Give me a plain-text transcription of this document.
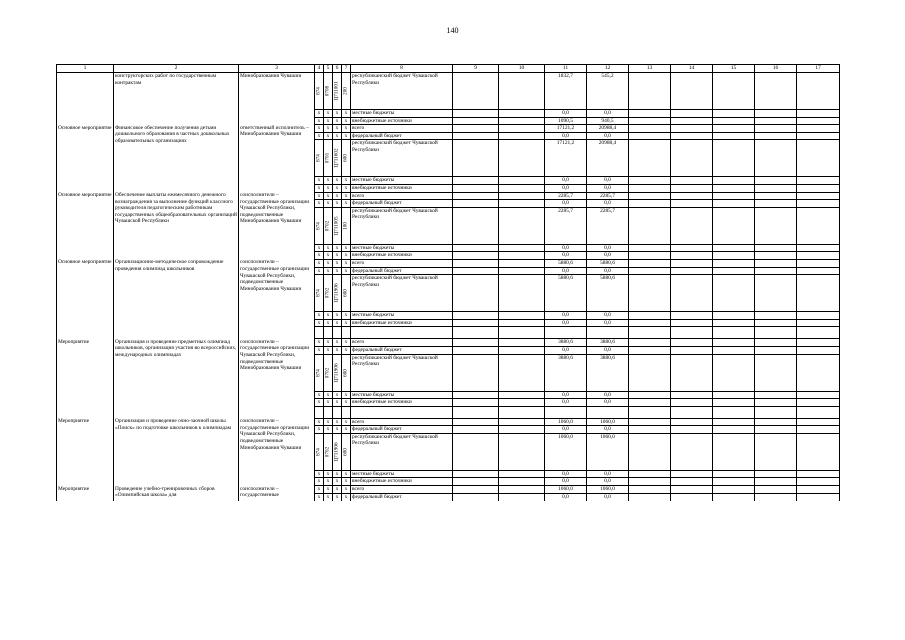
140
1	2	3	4	5	6	7	8	9	10	11	12	13	14	15	16	17
	конструкторских работ по государственным контрактам	Минобразования Чувашии	874	0708	Ц711001	200	республиканский бюджет Чувашской Республики			1832,7	545,2					
			x	x	x	x	местные бюджеты			0,0	0,0					
			x	x	x	x	внебюджетные источники			1090,5	940,5					
Основное мероприятие	Финансовое обеспечение получения детьми дошкольного образования в частных дошкольных образовательных организациях	ответственный исполнитель – Минобразования Чувашии	x	x	x	x	всего			17121,2	20988,4					
			x	x	x	x	федеральный бюджет			0,0	0,0					

			874	0701	Ц711602	600	республиканский бюджет Чувашской Республики			17121,2	20988,4					
			x	x	x	x	местные бюджеты			0,0	0,0					
			x	x	x	x	внебюджетные источники			0,0	0,0					
Основное мероприятие	Обеспечение выплаты ежемесячного денежного вознаграждения за выполнение функций классного руководителя педагогическим работникам государственных общеобразовательных организаций Чувашской Республики	соисполнители – государственные организации Чувашской Республики, подведомственные Минобразования Чувашии	x	x	x	x	всего			2285,7	2285,7					
			x	x	x	x	федеральный бюджет			0,0	0,0					

			874	0702	Ц711005	100	республиканский бюджет Чувашской Республики			2285,7	2285,7					
			x	x	x	x	местные бюджеты			0,0	0,0					
			x	x	x	x	внебюджетные источники			0,0	0,0					
Основное мероприятие	Организационно-методическое сопровождение проведения олимпиад школьников	соисполнители – государственные организации Чувашской Республики, подведомственные Минобразования Чувашии	x	x	x	x	всего			5880,6	5880,6					
			x	x	x	x	федеральный бюджет			0,0	0,0					

			874	0702	Ц711906	600	республиканский бюджет Чувашской Республики			5880,6	5880,6					
			x	x	x	x	местные бюджеты			0,0	0,0					
			x	x	x	x	внебюджетные источники			0,0	0,0					

Мероприятие	Организация и проведение предметных олимпиад школьников, организация участия во всероссийских, международных олимпиадах	соисполнители – государственные организации Чувашской Республики, подведомственные Минобразования Чувашии	x	x	x	x	всего			3880,6	3880,6					
			x	x	x	x	федеральный бюджет			0,0	0,0					

			874	0702	Ц711906	600	республиканский бюджет Чувашской Республики			3880,6	3880,6					
			x	x	x	x	местные бюджеты			0,0	0,0					
			x	x	x	x	внебюджетные источники			0,0	0,0					

Мероприятие	Организация и проведение очно-заочной школы «Поиск» по подготовке школьников к олимпиадам	соисполнители – государственные организации Чувашской Республики, подведомственные Минобразования Чувашии	x	x	x	x	всего			1060,0	1060,0					
			x	x	x	x	федеральный бюджет			0,0	0,0					

			874	0702	Ц711906	600	республиканский бюджет Чувашской Республики			1060,0	1060,0					
			x	x	x	x	местные бюджеты			0,0	0,0					
			x	x	x	x	внебюджетные источники			0,0	0,0					
Мероприятие	Проведение учебно-тренировочных сборов «Олимпийская школа» для	соисполнители – государственные	x	x	x	x	всего			1060,0	1060,0					
			x	x	x	x	федеральный бюджет			0,0	0,0					
